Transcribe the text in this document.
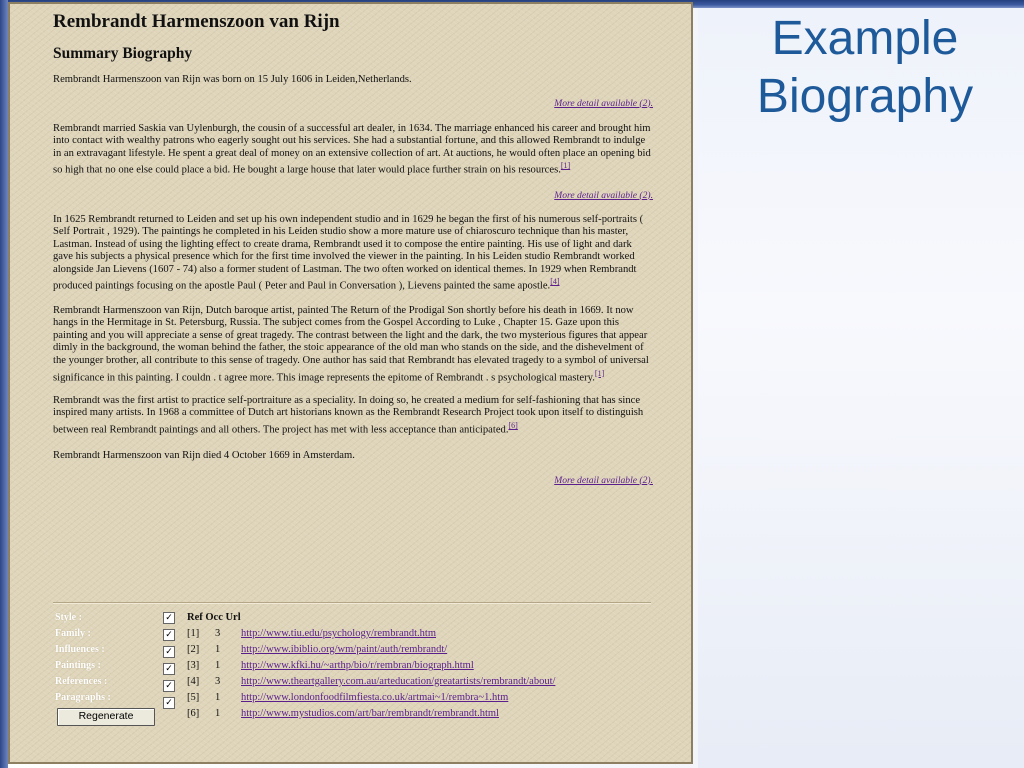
Example
Biography
Rembrandt Harmenszoon van Rijn
Summary Biography

Rembrandt Harmenszoon van Rijn was born on 15 July 1606 in Leiden,Netherlands.

More detail available (2).

Rembrandt married Saskia van Uylenburgh, the cousin of a successful art dealer, in 1634. The marriage enhanced his career and brought him into contact with wealthy patrons who eagerly sought out his services. She had a substantial fortune, and this allowed Rembrandt to indulge in an extravagant lifestyle. He spent a great deal of money on an extensive collection of art. At auctions, he would often place an opening bid so high that no one else could place a bid. He bought a large house that later would place further strain on his resources.[1]

More detail available (2).

In 1625 Rembrandt returned to Leiden and set up his own independent studio and in 1629 he began the first of his numerous self-portraits ( Self Portrait , 1929). The paintings he completed in his Leiden studio show a more mature use of chiaroscuro technique than his master, Lastman. Instead of using the lighting effect to create drama, Rembrandt used it to compose the entire painting. His use of light and dark gave his subjects a physical presence which for the first time involved the viewer in the painting. In his Leiden studio Rembrandt worked alongside Jan Lievens (1607 - 74) also a former student of Lastman. The two often worked on identical themes. In 1929 when Rembrandt produced paintings focusing on the apostle Paul ( Peter and Paul in Conversation ), Lievens painted the same apostle.[4]

Rembrandt Harmenszoon van Rijn, Dutch baroque artist, painted The Return of the Prodigal Son shortly before his death in 1669. It now hangs in the Hermitage in St. Petersburg, Russia. The subject comes from the Gospel According to Luke , Chapter 15. Gaze upon this painting and you will appreciate a sense of great tragedy. The contrast between the light and the dark, the two mysterious figures that appear dimly in the background, the woman behind the father, the stoic appearance of the old man who stands on the side, and the dishevelment of the younger brother, all contribute to this sense of tragedy. One author has said that Rembrandt has elevated tragedy to a symbol of universal significance in this painting. I couldn . t agree more. This image represents the epitome of Rembrandt . s psychological mastery.[1]

Rembrandt was the first artist to practice self-portraiture as a speciality. In doing so, he created a medium for self-fashioning that has since inspired many artists. In 1968 a committee of Dutch art historians known as the Rembrandt Research Project took upon itself to distinguish between real Rembrandt paintings and all others. The project has met with less acceptance than anticipated.[6]

Rembrandt Harmenszoon van Rijn died 4 October 1669 in Amsterdam.

More detail available (2).
Style :
Family :
Influences :
Paintings :
References :
Paragraphs :
✓
✓
✓
✓
✓
✓
Regenerate
Ref Occ Url
[1] 3 http://www.tiu.edu/psychology/rembrandt.htm
[2] 1 http://www.ibiblio.org/wm/paint/auth/rembrandt/
[3] 1 http://www.kfki.hu/~arthp/bio/r/rembran/biograph.html
[4] 3 http://www.theartgallery.com.au/arteducation/greatartists/rembrandt/about/
[5] 1 http://www.londonfoodfilmfiesta.co.uk/artmai~1/rembra~1.htm
[6] 1 http://www.mystudios.com/art/bar/rembrandt/rembrandt.html
